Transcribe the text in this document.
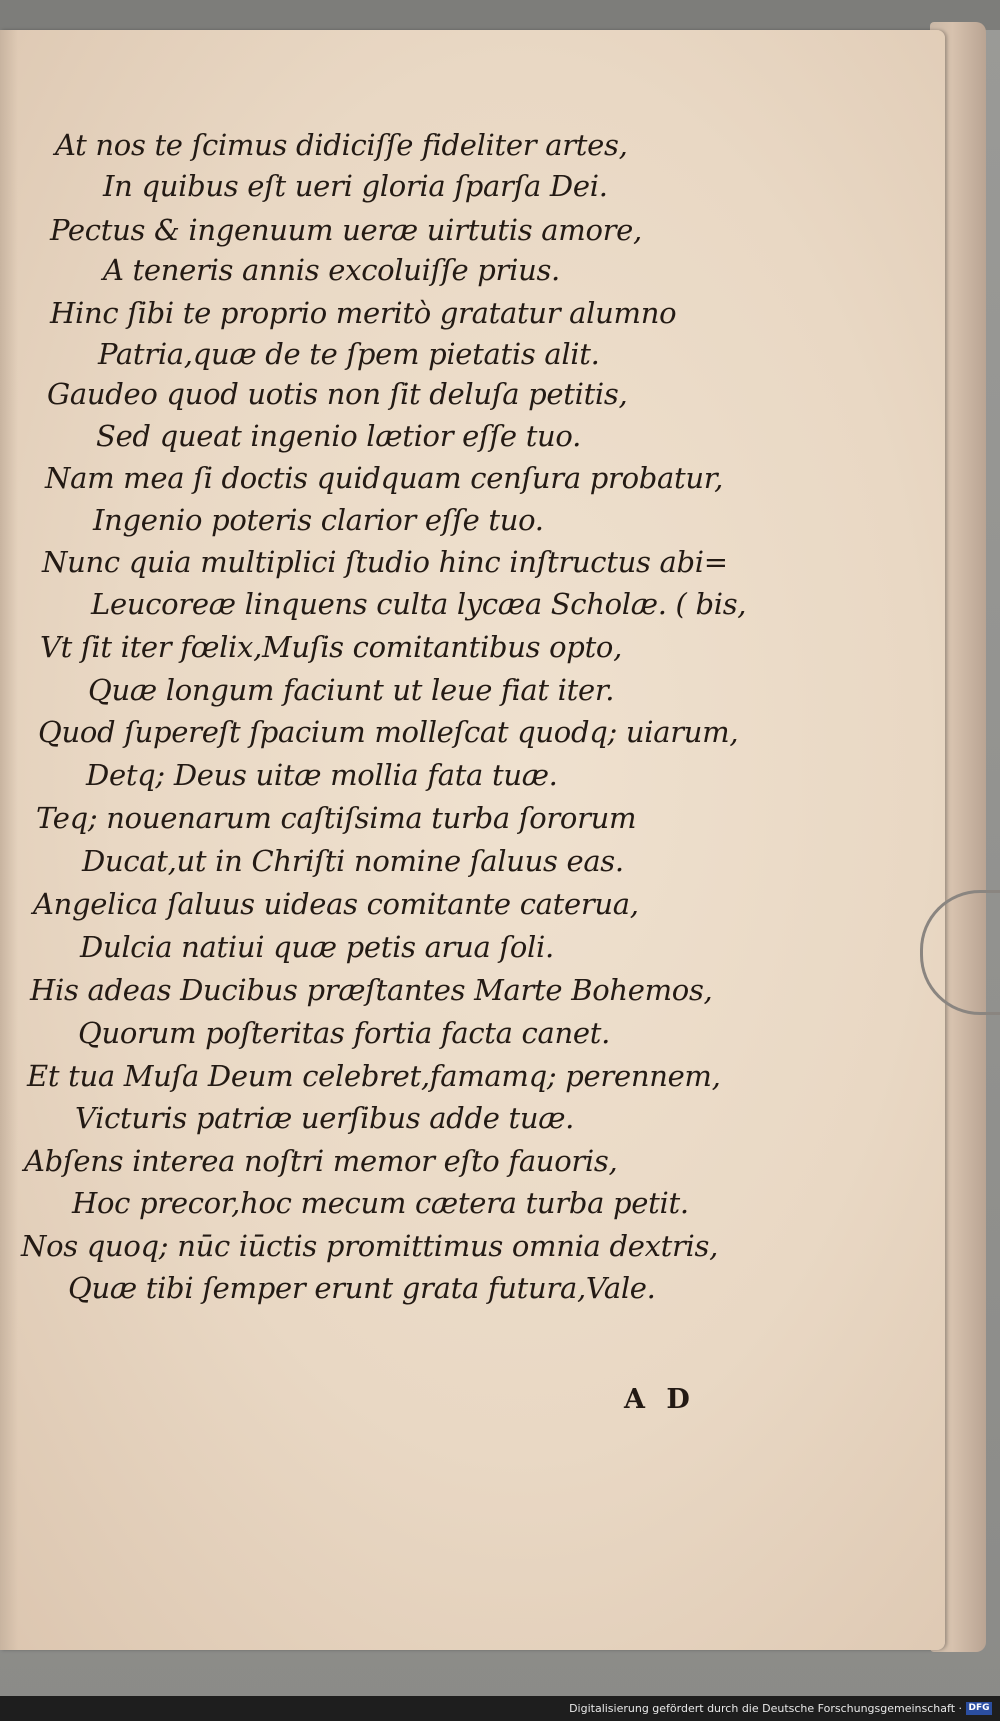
At nos te ſcimus didiciſſe fideliter artes,
In quibus eſt ueri gloria ſparſa Dei.
Pectus & ingenuum ueræ uirtutis amore,
A teneris annis excoluiſſe prius.
Hinc ſibi te proprio meritò gratatur alumno
Patria,quæ de te ſpem pietatis alit.
Gaudeo quod uotis non ſit deluſa petitis,
Sed queat ingenio lætior eſſe tuo.
Nam mea ſi doctis quidquam cenſura probatur,
Ingenio poteris clarior eſſe tuo.
Nunc quia multiplici ſtudio hinc inſtructus abi=
Leucoreæ linquens culta lycæa Scholæ. ( bis,
Vt ſit iter fœlix,Muſis comitantibus opto,
Quæ longum faciunt ut leue fiat iter.
Quod ſupereſt ſpacium molleſcat quodq; uiarum,
Detq; Deus uitæ mollia fata tuæ.
Teq; nouenarum caſtiſsima turba ſororum
Ducat,ut in Chriſti nomine ſaluus eas.
Angelica ſaluus uideas comitante caterua,
Dulcia natiui quæ petis arua ſoli.
His adeas Ducibus præſtantes Marte Bohemos,
Quorum poſteritas fortia facta canet.
Et tua Muſa Deum celebret,famamq; perennem,
Victuris patriæ uerſibus adde tuæ.
Abſens interea noſtri memor eſto fauoris,
Hoc precor,hoc mecum cætera turba petit.
Nos quoq; nūc iūctis promittimus omnia dextris,
Quæ tibi ſemper erunt grata futura,Vale.
A D
Digitalisierung gefördert durch die Deutsche Forschungsgemeinschaft · DFG
